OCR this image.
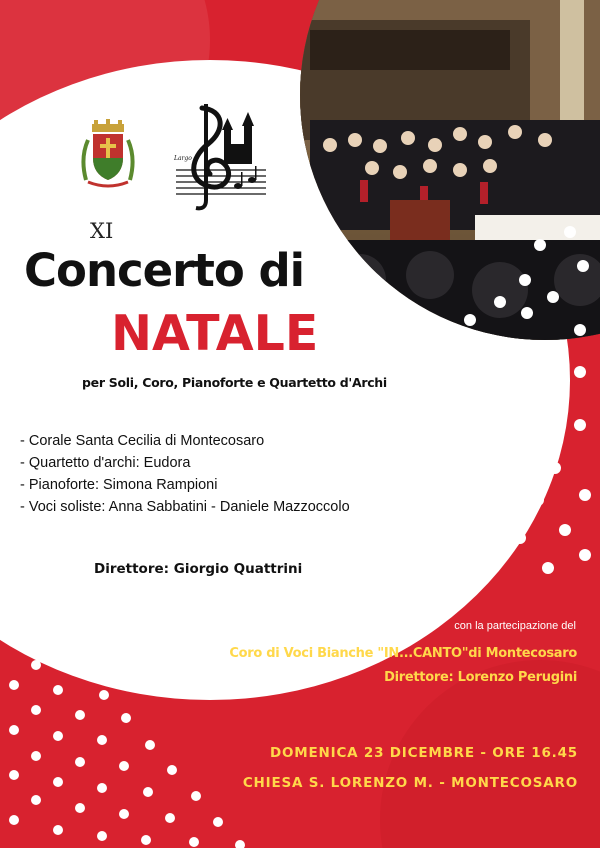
Largo
XI
Concerto di
NATALE
per Soli, Coro, Pianoforte e Quartetto d'Archi
- Corale Santa Cecilia di Montecosaro
- Quartetto d'archi: Eudora
- Pianoforte: Simona Rampioni
- Voci soliste: Anna Sabbatini - Daniele Mazzoccolo
Direttore: Giorgio Quattrini
con la partecipazione del
Coro di Voci Bianche "IN...CANTO"di Montecosaro
Direttore: Lorenzo Perugini
DOMENICA 23 DICEMBRE - ORE 16.45
CHIESA S. LORENZO M. - MONTECOSARO
